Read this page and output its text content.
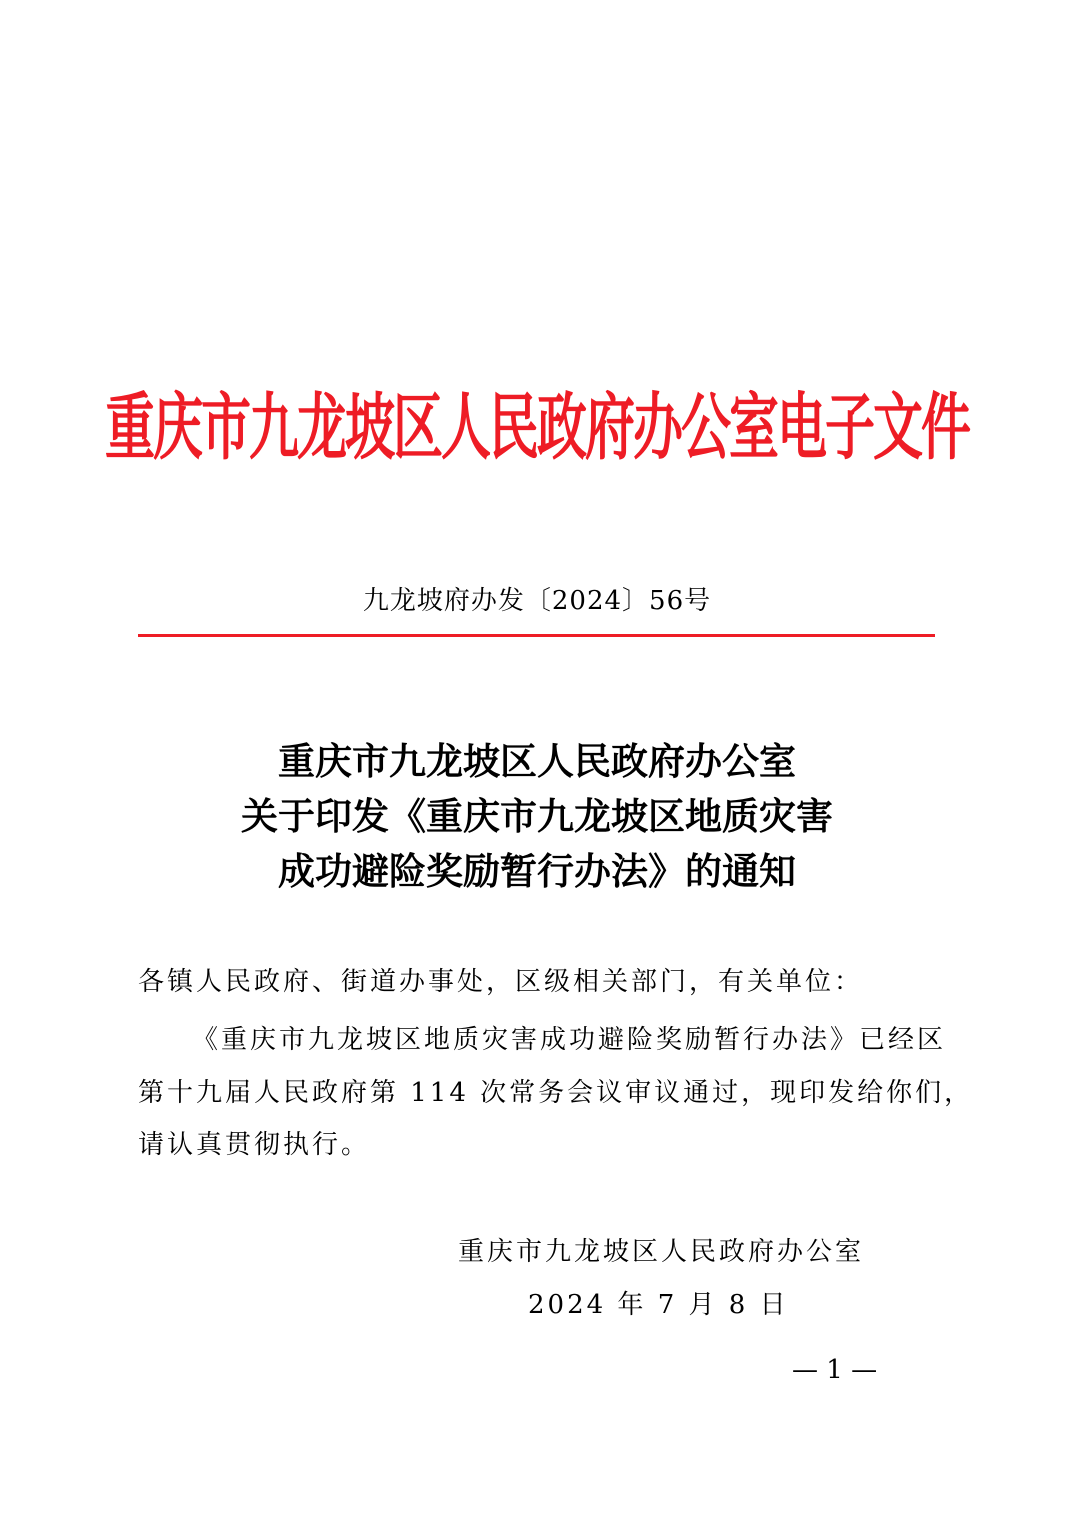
重庆市九龙坡区人民政府办公室电子文件
九龙坡府办发〔2024〕56号
重庆市九龙坡区人民政府办公室
关于印发《重庆市九龙坡区地质灾害
成功避险奖励暂行办法》的通知
各镇人民政府、街道办事处，区级相关部门，有关单位：
《重庆市九龙坡区地质灾害成功避险奖励暂行办法》已经区
第十九届人民政府第 114 次常务会议审议通过，现印发给你们，
请认真贯彻执行。
重庆市九龙坡区人民政府办公室
2024 年 7 月 8 日
— 1 —
